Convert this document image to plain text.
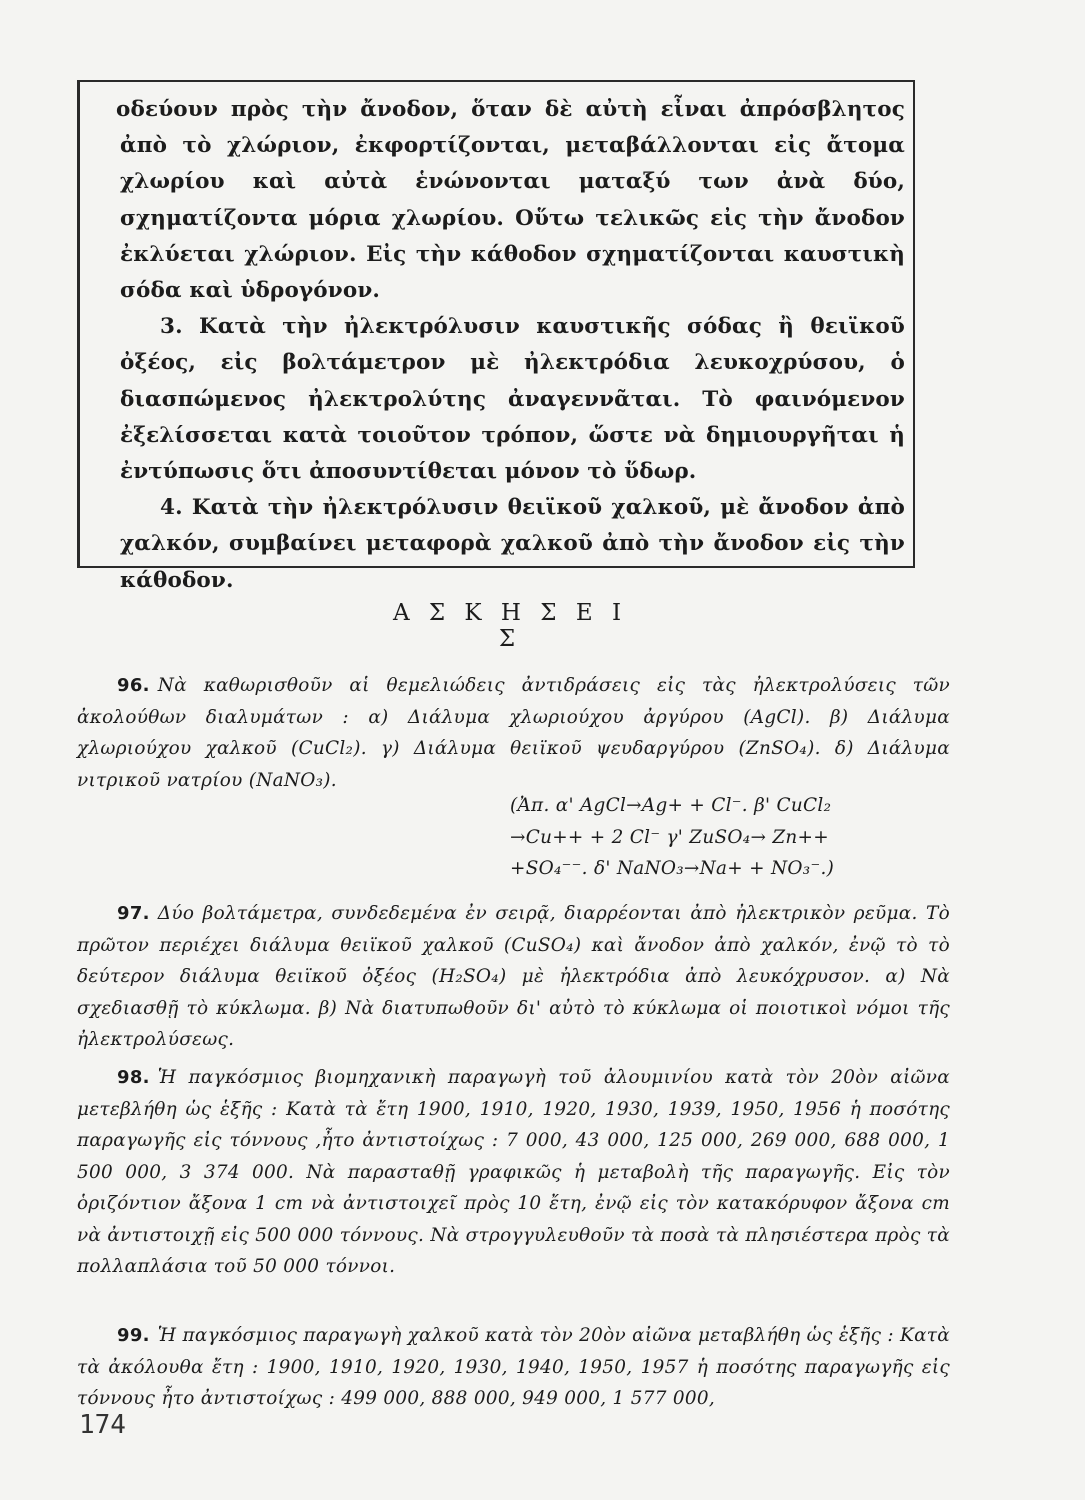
οδεύουν πρὸς τὴν ἄνοδον, ὅταν δὲ αὐτὴ εἶναι ἀπρόσβλητος ἀπὸ τὸ χλώριον, ἐκφορτίζονται, μεταβάλλονται εἰς ἄτομα χλωρίου καὶ αὐτὰ ἑνώνονται ματαξύ των ἀνὰ δύο, σχηματίζοντα μόρια χλωρίου. Οὕτω τελικῶς εἰς τὴν ἄνοδον ἐκλύεται χλώριον. Εἰς τὴν κάθοδον σχηματίζονται καυστικὴ σόδα καὶ ὑδρογόνον.

3. Κατὰ τὴν ἠλεκτρόλυσιν καυστικῆς σόδας ἢ θειϊκοῦ ὀξέος, εἰς βολτάμετρον μὲ ἠλεκτρόδια λευκοχρύσου, ὁ διασπώμενος ἠλεκτρολύτης ἀναγεννᾶται. Τὸ φαινόμενον ἐξελίσσεται κατὰ τοιοῦτον τρόπον, ὥστε νὰ δημιουργῆται ἡ ἐντύπωσις ὅτι ἀποσυντίθεται μόνον τὸ ὕδωρ.

4. Κατὰ τὴν ἠλεκτρόλυσιν θειϊκοῦ χαλκοῦ, μὲ ἄνοδον ἀπὸ χαλκόν, συμβαίνει μεταφορὰ χαλκοῦ ἀπὸ τὴν ἄνοδον εἰς τὴν κάθοδον.

Α Σ Κ Η Σ Ε Ι Σ
96. Νὰ καθωρισθοῦν αἱ θεμελιώδεις ἀντιδράσεις εἰς τὰς ἠλεκτρολύσεις τῶν ἀκολούθων διαλυμάτων : α) Διάλυμα χλωριούχου ἀργύρου (AgCl). β) Διάλυμα χλωριούχου χαλκοῦ (CuCl₂). γ) Διάλυμα θειϊκοῦ ψευδαργύρου (ZnSO₄). δ) Διάλυμα νιτρικοῦ νατρίου (NaNO₃).
(Ἀπ. α' AgCl→Ag+ + Cl⁻. β' CuCl₂
→Cu++ + 2 Cl⁻ γ' ZuSO₄→ Zn++
+SO₄⁻⁻. δ' NaNO₃→Na+ + NO₃⁻.)
97. Δύο βολτάμετρα, συνδεδεμένα ἐν σειρᾷ, διαρρέονται ἀπὸ ἠλεκτρικὸν ρεῦμα. Τὸ πρῶτον περιέχει διάλυμα θειϊκοῦ χαλκοῦ (CuSO₄) καὶ ἄνοδον ἀπὸ χαλκόν, ἐνῷ τὸ τὸ δεύτερον διάλυμα θειϊκοῦ ὀξέος (H₂SO₄) μὲ ἠλεκτρόδια ἀπὸ λευκόχρυσον. α) Νὰ σχεδιασθῇ τὸ κύκλωμα. β) Νὰ διατυπωθοῦν δι' αὐτὸ τὸ κύκλωμα οἱ ποιοτικοὶ νόμοι τῆς ἠλεκτρολύσεως.
98. Ἡ παγκόσμιος βιομηχανικὴ παραγωγὴ τοῦ ἀλουμινίου κατὰ τὸν 20ὸν αἰῶνα μετεβλήθη ὡς ἑξῆς : Κατὰ τὰ ἔτη 1900, 1910, 1920, 1930, 1939, 1950, 1956 ἡ ποσότης παραγωγῆς εἰς τόννους ,ἦτο ἀντιστοίχως : 7 000, 43 000, 125 000, 269 000, 688 000, 1 500 000, 3 374 000. Νὰ παρασταθῇ γραφικῶς ἡ μεταβολὴ τῆς παραγωγῆς. Εἰς τὸν ὁριζόντιον ἄξονα 1 cm νὰ ἀντιστοιχεῖ πρὸς 10 ἔτη, ἐνῷ εἰς τὸν κατακόρυφον ἄξονα cm νὰ ἀντιστοιχῇ εἰς 500 000 τόννους. Νὰ στρογγυλευθοῦν τὰ ποσὰ τὰ πλησιέστερα πρὸς τὰ πολλαπλάσια τοῦ 50 000 τόννοι.
99. Ἡ παγκόσμιος παραγωγὴ χαλκοῦ κατὰ τὸν 20ὸν αἰῶνα μεταβλήθη ὡς ἑξῆς : Κατὰ τὰ ἀκόλουθα ἔτη : 1900, 1910, 1920, 1930, 1940, 1950, 1957 ἡ ποσότης παραγωγῆς εἰς τόννους ἦτο ἀντιστοίχως : 499 000, 888 000, 949 000, 1 577 000,
174
